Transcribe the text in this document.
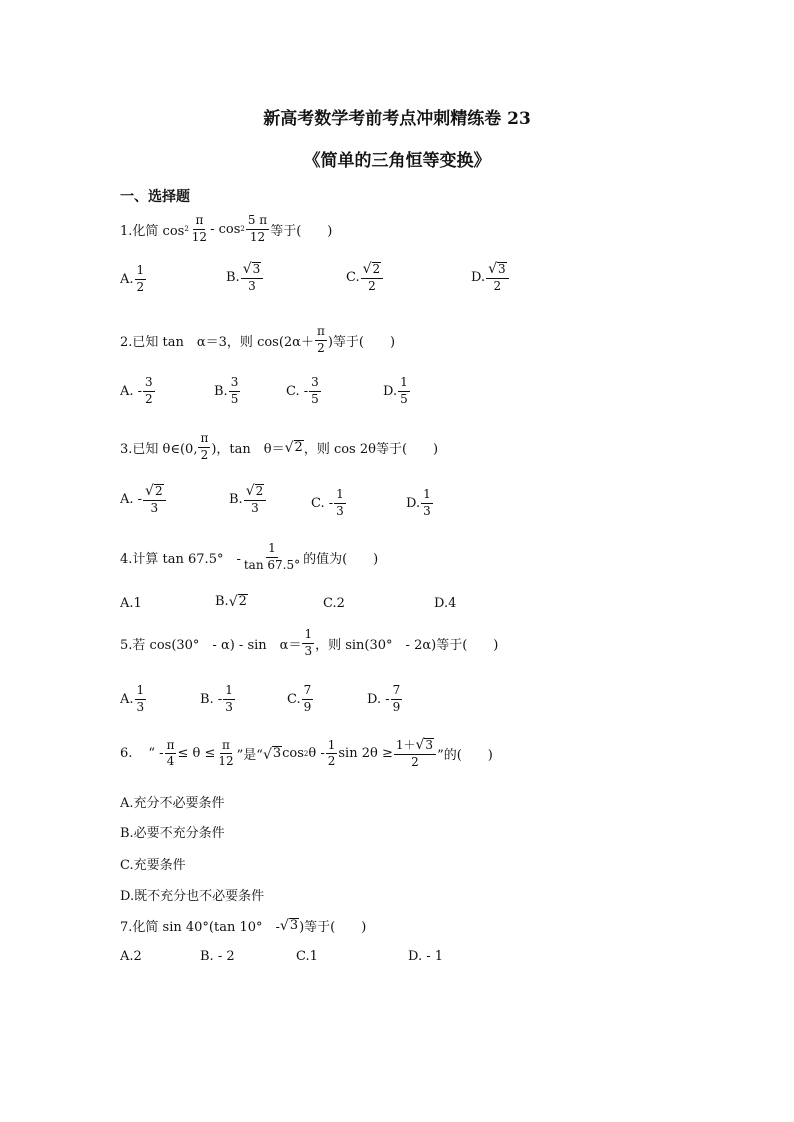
新高考数学考前考点冲刺精练卷 23
《简单的三角恒等变换》
一、选择题
1.化简 $\cos 2 \frac{\pi}{12}$ - $\cos 2 \frac{5 \pi}{12}$ 等于(　　)
A. $\frac{1}{2}$	B. $\frac{√ 3}{3}$	C. $\frac{√ 2}{2}$	D. $\frac{√ 3}{2}$
2.已知 tan　α＝3，则 $\cos(2\alpha+ \frac{\pi}{2}$ )等于(　　)
A. - $\frac{3}{2}$	B. $\frac{3}{5}$	C. - $\frac{3}{5}$	D. $\frac{1}{5}$
3.已知 θ∈(0, $\frac{\pi}{2}$ )，tan　θ＝ √ 2 ，则 cos 2θ等于(　　)
A. - $\frac{√ 2}{3}$	B. $\frac{√ 2}{3}$	C. - $\frac{1}{3}$	D. $\frac{1}{3}$
4.计算 tan 67.5°　- $\frac{1}{\tan 67.5^\circ}$ 的值为(　　)
A.1	B. √ 2	C.2	D.4
5.若 cos(30°　- α) - sin　$\alpha= \frac{1}{3}$ ，则 sin(30°　- 2α)等于(　　)
A. $\frac{1}{3}$	B. - $\frac{1}{3}$	C. $\frac{7}{9}$	D. - $\frac{7}{9}$
6. “ - $\frac{\pi}{4} \le \theta \le \frac{\pi}{12}$ ”是“ √ 3 cos 2 θ - $\frac{1}{2}$ $\sin 2\theta \ge \frac{1+ √ 3}{2}$ ”的(　　)
A.充分不必要条件
B.必要不充分条件
C.充要条件
D.既不充分也不必要条件
7.化简 sin 40°(tan 10°　- √ 3 )等于(　　)
A.2	B. - 2	C.1	D. - 1
